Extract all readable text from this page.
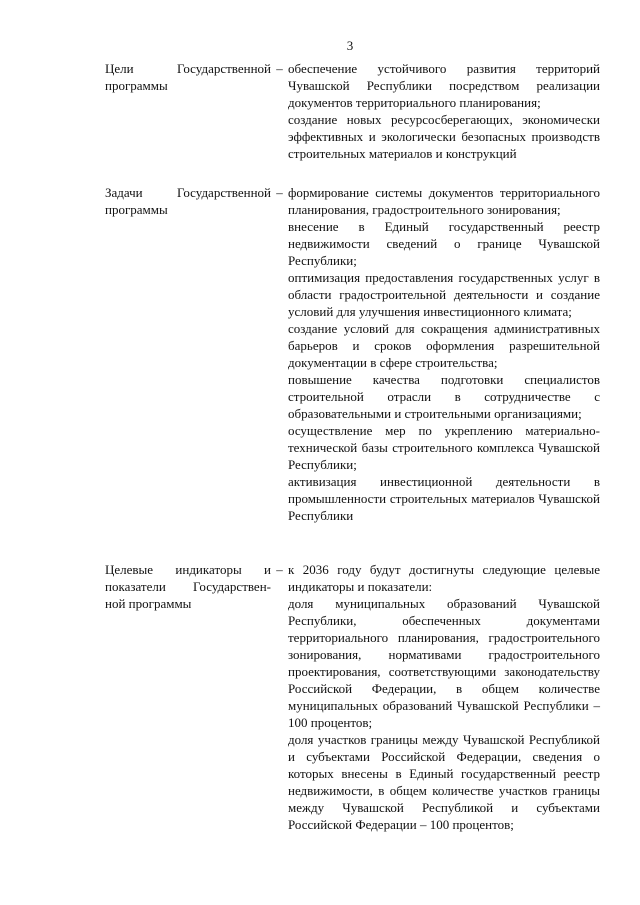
3
Цели Государственной
программы
– обеспечение устойчивого развития территорий Чувашской Республики посредством реализации документов территориального планирования;
создание новых ресурсосберегающих, экономически эффективных и экологически безопасных производств строительных материалов и конструкций
Задачи Государственной
программы
– формирование системы документов территориального планирования, градостроительного зонирования;
внесение в Единый государственный реестр недвижимости сведений о границе Чувашской Республики;
оптимизация предоставления государственных услуг в области градостроительной деятельности и создание условий для улучшения инвестиционного климата;
создание условий для сокращения административных барьеров и сроков оформления разрешительной документации в сфере строительства;
повышение качества подготовки специалистов строительной отрасли в сотрудничестве с образовательными и строительными организациями;
осуществление мер по укреплению материально-технической базы строительного комплекса Чувашской Республики;
активизация инвестиционной деятельности в промышленности строительных материалов Чувашской Республики
Целевые индикаторы и
показатели Государствен-
ной программы
– к 2036 году будут достигнуты следующие целевые индикаторы и показатели:
доля муниципальных образований Чувашской Республики, обеспеченных документами территориального планирования, градостроительного зонирования, нормативами градостроительного проектирования, соответствующими законодательству Российской Федерации, в общем количестве муниципальных образований Чувашской Республики – 100 процентов;
доля участков границы между Чувашской Республикой и субъектами Российской Федерации, сведения о которых внесены в Единый государственный реестр недвижимости, в общем количестве участков границы между Чувашской Республикой и субъектами Российской Федерации – 100 процентов;
